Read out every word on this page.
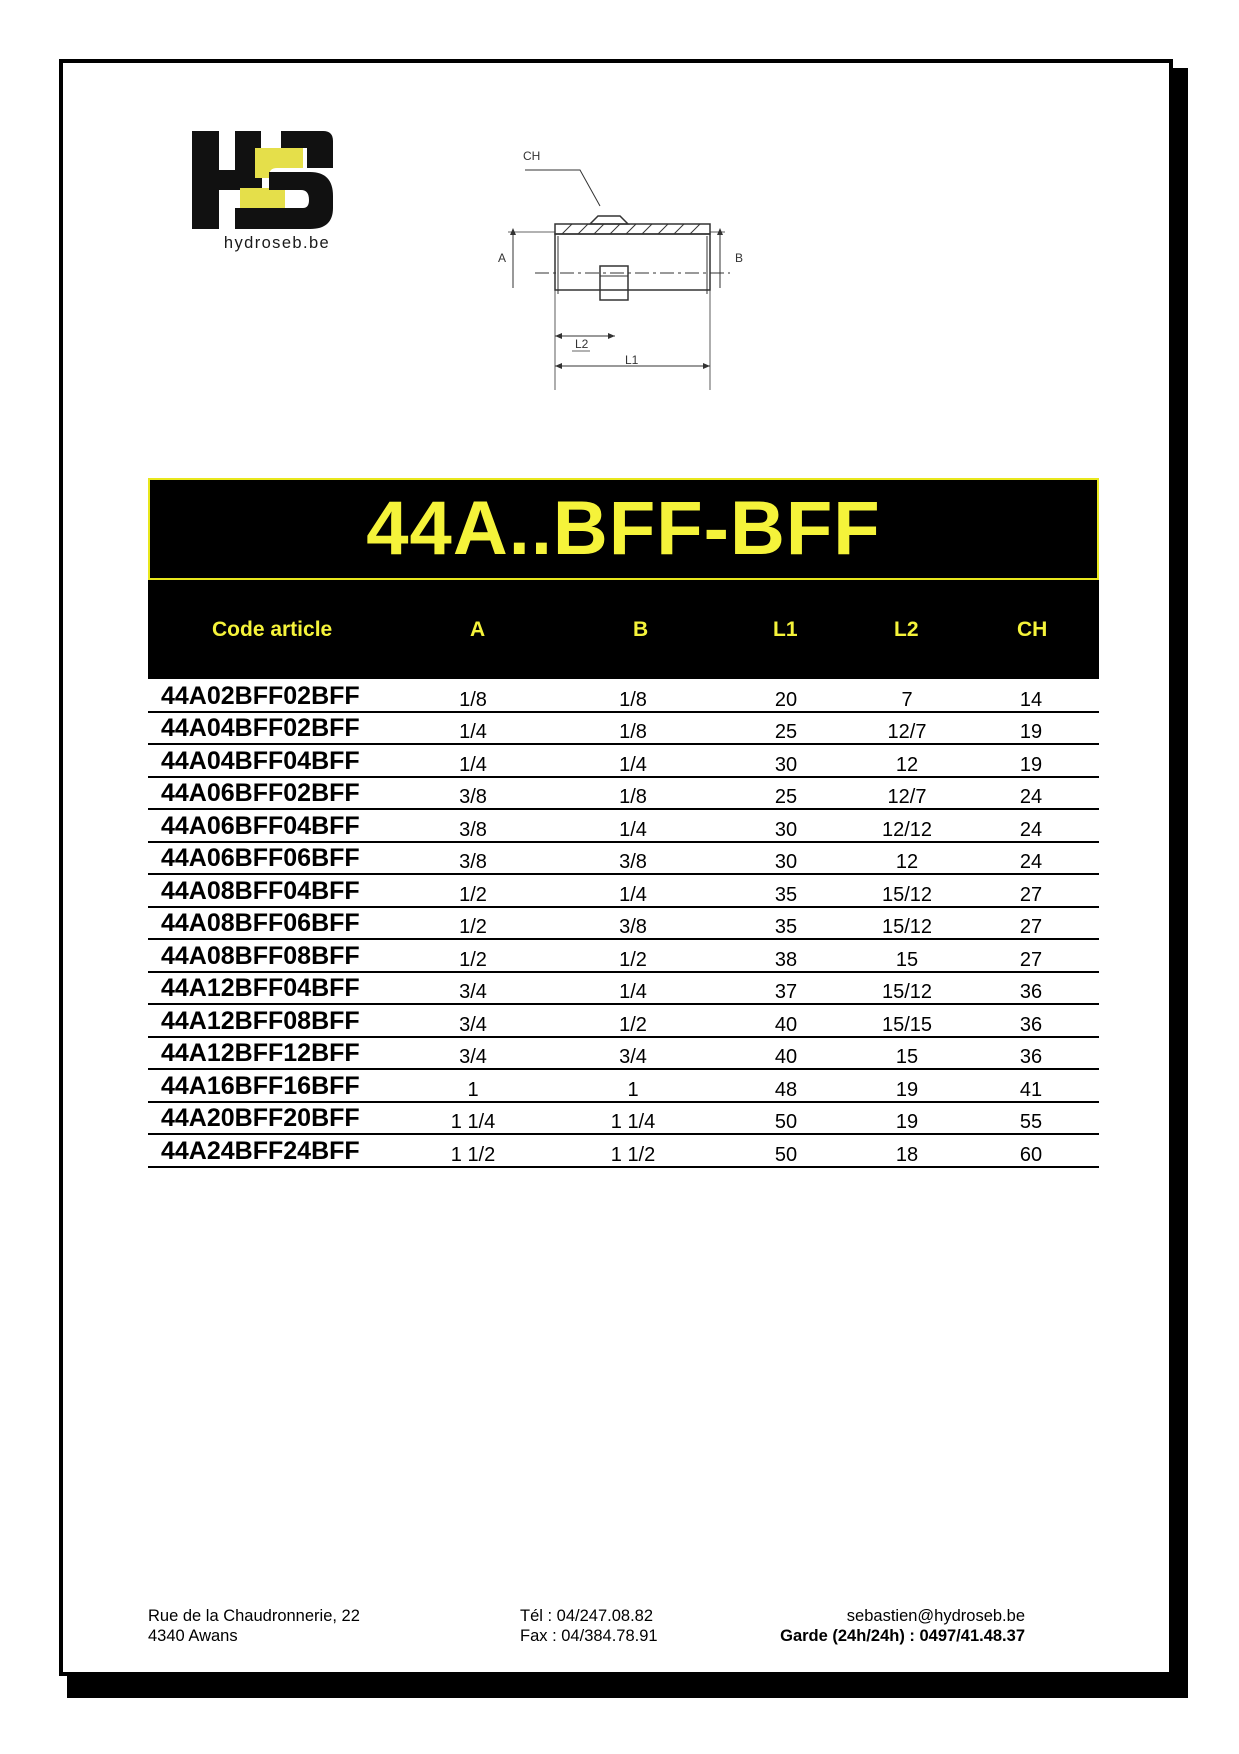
hydroseb.be
CH
A	B
L2
L1
44A..BFF-BFF
Code article	A	B	L1	L2	CH
44A02BFF02BFF	1/8	1/8	20	7	14
44A04BFF02BFF	1/4	1/8	25	12/7	19
44A04BFF04BFF	1/4	1/4	30	12	19
44A06BFF02BFF	3/8	1/8	25	12/7	24
44A06BFF04BFF	3/8	1/4	30	12/12	24
44A06BFF06BFF	3/8	3/8	30	12	24
44A08BFF04BFF	1/2	1/4	35	15/12	27
44A08BFF06BFF	1/2	3/8	35	15/12	27
44A08BFF08BFF	1/2	1/2	38	15	27
44A12BFF04BFF	3/4	1/4	37	15/12	36
44A12BFF08BFF	3/4	1/2	40	15/15	36
44A12BFF12BFF	3/4	3/4	40	15	36
44A16BFF16BFF	1	1	48	19	41
44A20BFF20BFF	1 1/4	1 1/4	50	19	55
44A24BFF24BFF	1 1/2	1 1/2	50	18	60
Rue de la Chaudronnerie, 22
4340 Awans
Tél : 04/247.08.82
Fax : 04/384.78.91
sebastien@hydroseb.be
Garde (24h/24h) : 0497/41.48.37
